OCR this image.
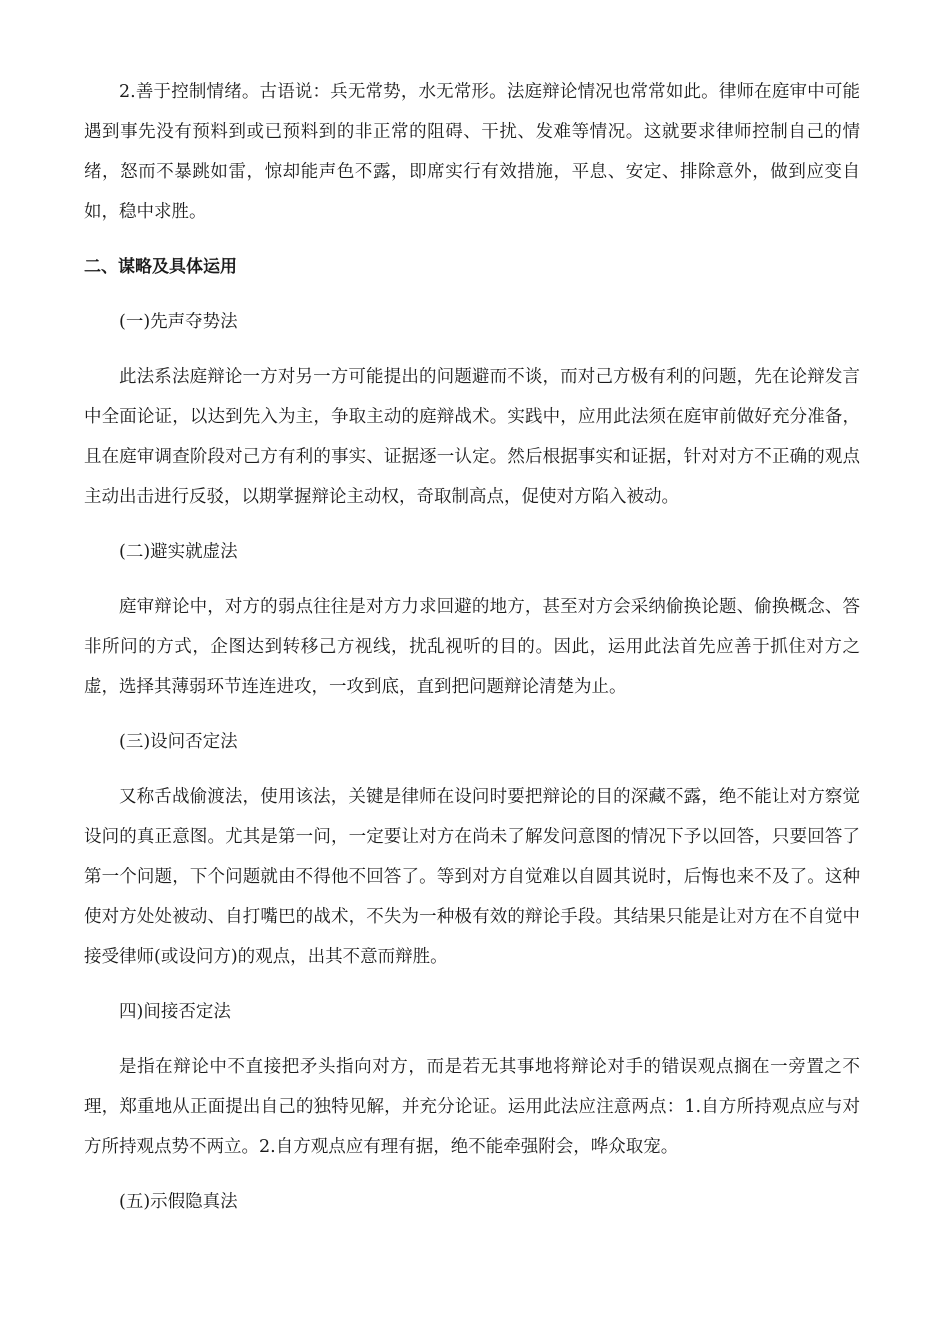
2.善于控制情绪。古语说：兵无常势，水无常形。法庭辩论情况也常常如此。律师在庭审中可能遇到事先没有预料到或已预料到的非正常的阻碍、干扰、发难等情况。这就要求律师控制自己的情绪，怒而不暴跳如雷，惊却能声色不露，即席实行有效措施，平息、安定、排除意外，做到应变自如，稳中求胜。

二、谋略及具体运用

(一)先声夺势法

此法系法庭辩论一方对另一方可能提出的问题避而不谈，而对己方极有利的问题，先在论辩发言中全面论证，以达到先入为主，争取主动的庭辩战术。实践中，应用此法须在庭审前做好充分准备，且在庭审调查阶段对己方有利的事实、证据逐一认定。然后根据事实和证据，针对对方不正确的观点主动出击进行反驳，以期掌握辩论主动权，奇取制高点，促使对方陷入被动。

(二)避实就虚法

庭审辩论中，对方的弱点往往是对方力求回避的地方，甚至对方会采纳偷换论题、偷换概念、答非所问的方式，企图达到转移己方视线，扰乱视听的目的。因此，运用此法首先应善于抓住对方之虚，选择其薄弱环节连连进攻，一攻到底，直到把问题辩论清楚为止。

(三)设问否定法

又称舌战偷渡法，使用该法，关键是律师在设问时要把辩论的目的深藏不露，绝不能让对方察觉设问的真正意图。尤其是第一问，一定要让对方在尚未了解发问意图的情况下予以回答，只要回答了第一个问题，下个问题就由不得他不回答了。等到对方自觉难以自圆其说时，后悔也来不及了。这种使对方处处被动、自打嘴巴的战术，不失为一种极有效的辩论手段。其结果只能是让对方在不自觉中接受律师(或设问方)的观点，出其不意而辩胜。

四)间接否定法

是指在辩论中不直接把矛头指向对方，而是若无其事地将辩论对手的错误观点搁在一旁置之不理，郑重地从正面提出自己的独特见解，并充分论证。运用此法应注意两点：1.自方所持观点应与对方所持观点势不两立。2.自方观点应有理有据，绝不能牵强附会，哗众取宠。

(五)示假隐真法
